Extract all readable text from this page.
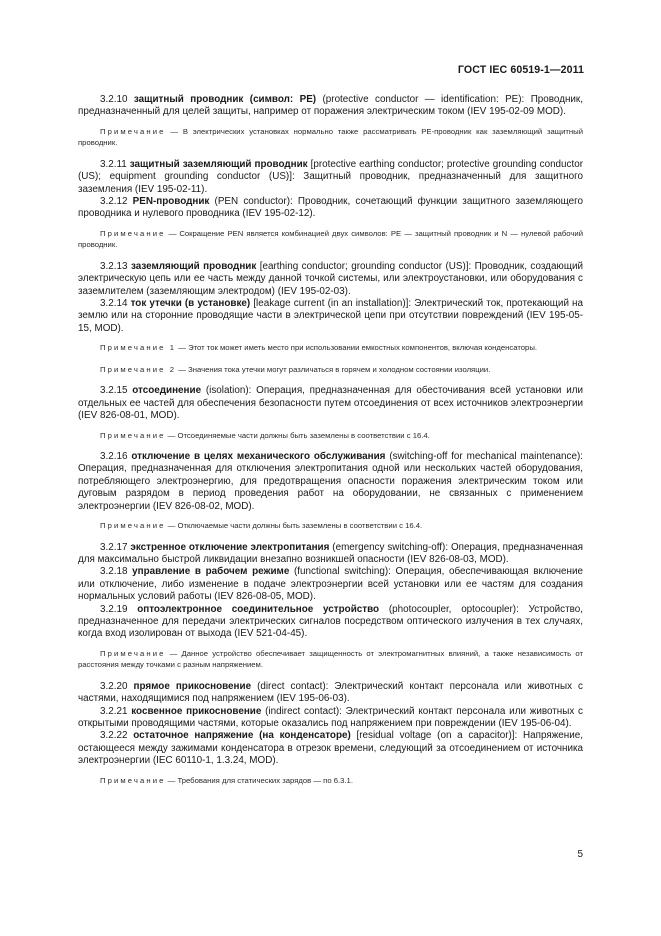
ГОСТ IEC 60519-1—2011

3.2.10 защитный проводник (символ: PE) (protective conductor — identification: PE): Проводник, предназначенный для целей защиты, например от поражения электрическим током (IEV 195-02-09 MOD).

Примечание — В электрических установках нормально также рассматривать PE-проводник как заземляющий защитный проводник.

3.2.11 защитный заземляющий проводник [protective earthing conductor; protective grounding conductor (US); equipment grounding conductor (US)]: Защитный проводник, предназначенный для защитного заземления (IEV 195-02-11).

3.2.12 PEN-проводник (PEN conductor): Проводник, сочетающий функции защитного заземляющего проводника и нулевого проводника (IEV 195-02-12).

Примечание — Сокращение PEN является комбинацией двух символов: PE — защитный проводник и N — нулевой рабочий проводник.

3.2.13 заземляющий проводник [earthing conductor; grounding conductor (US)]: Проводник, создающий электрическую цепь или ее часть между данной точкой системы, или электроустановки, или оборудования с заземлителем (заземляющим электродом) (IEV 195-02-03).

3.2.14 ток утечки (в установке) [leakage current (in an installation)]: Электрический ток, протекающий на землю или на сторонние проводящие части в электрической цепи при отсутствии повреждений (IEV 195-05-15, MOD).

Примечание 1 — Этот ток может иметь место при использовании емкостных компонентов, включая конденсаторы.

Примечание 2 — Значения тока утечки могут различаться в горячем и холодном состоянии изоляции.

3.2.15 отсоединение (isolation): Операция, предназначенная для обесточивания всей установки или отдельных ее частей для обеспечения безопасности путем отсоединения от всех источников электроэнергии (IEV 826-08-01, MOD).

Примечание — Отсоединяемые части должны быть заземлены в соответствии с 16.4.

3.2.16 отключение в целях механического обслуживания (switching-off for mechanical maintenance): Операция, предназначенная для отключения электропитания одной или нескольких частей оборудования, потребляющего электроэнергию, для предотвращения опасности поражения электрическим током или дуговым разрядом в период проведения работ на оборудовании, не связанных с применением электроэнергии (IEV 826-08-02, MOD).

Примечание — Отключаемые части должны быть заземлены в соответствии с 16.4.

3.2.17 экстренное отключение электропитания (emergency switching-off): Операция, предназначенная для максимально быстрой ликвидации внезапно возникшей опасности (IEV 826-08-03, MOD).

3.2.18 управление в рабочем режиме (functional switching): Операция, обеспечивающая включение или отключение, либо изменение в подаче электроэнергии всей установки или ее частям для создания нормальных условий работы (IEV 826-08-05, MOD).

3.2.19 оптоэлектронное соединительное устройство (photocoupler, optocoupler): Устройство, предназначенное для передачи электрических сигналов посредством оптического излучения в тех случаях, когда вход изолирован от выхода (IEV 521-04-45).

Примечание — Данное устройство обеспечивает защищенность от электромагнитных влияний, а также независимость от расстояния между точками с разным напряжением.

3.2.20 прямое прикосновение (direct contact): Электрический контакт персонала или животных с частями, находящимися под напряжением (IEV 195-06-03).

3.2.21 косвенное прикосновение (indirect contact): Электрический контакт персонала или животных с открытыми проводящими частями, которые оказались под напряжением при повреждении (IEV 195-06-04).

3.2.22 остаточное напряжение (на конденсаторе) [residual voltage (on a capacitor)]: Напряжение, остающееся между зажимами конденсатора в отрезок времени, следующий за отсоединением от источника электроэнергии (IEC 60110-1, 1.3.24, MOD).

Примечание — Требования для статических зарядов — по 6.3.1.

5
